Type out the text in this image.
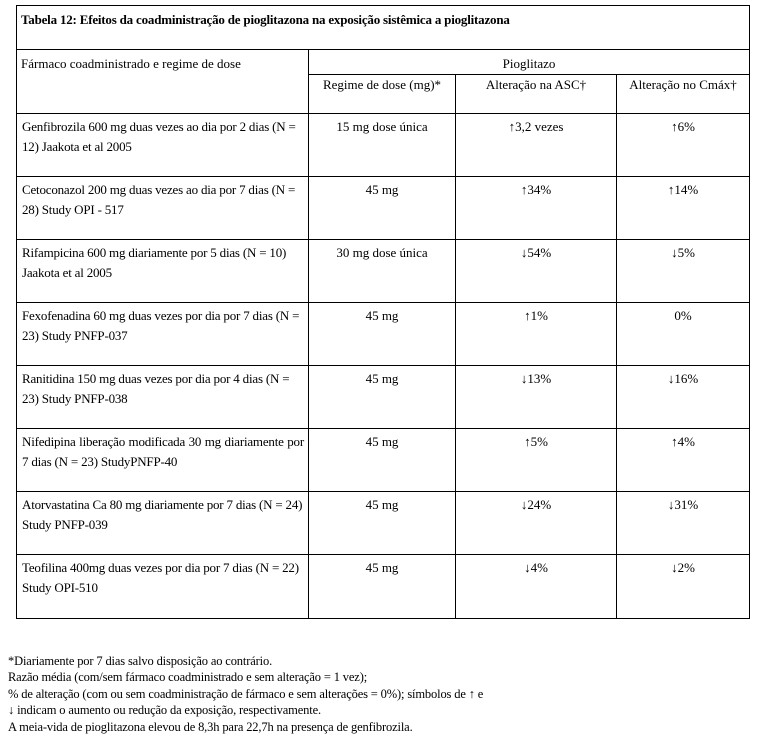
Tabela 12: Efeitos da coadministração de pioglitazona na exposição sistêmica a pioglitazona			
Fármaco coadministrado e regime de dose	Pioglitazo		
	Regime de dose (mg)*	Alteração na ASC†	Alteração no Cmáx†
Genfibrozila 600 mg duas vezes ao dia por 2 dias (N = 12) Jaakota et al 2005	15 mg dose única	↑3,2 vezes	↑6%
Cetoconazol 200 mg duas vezes ao dia por 7 dias (N = 28) Study OPI - 517	45 mg	↑34%	↑14%
Rifampicina 600 mg diariamente por 5 dias (N = 10) Jaakota et al 2005	30 mg dose única	↓54%	↓5%
Fexofenadina 60 mg duas vezes por dia por 7 dias (N = 23) Study PNFP-037	45 mg	↑1%	0%
Ranitidina 150 mg duas vezes por dia por 4 dias (N = 23) Study PNFP-038	45 mg	↓13%	↓16%
Nifedipina liberação modificada 30 mg diariamente por 7 dias (N = 23) StudyPNFP-40	45 mg	↑5%	↑4%
Atorvastatina Ca 80 mg diariamente por 7 dias (N = 24) Study PNFP-039	45 mg	↓24%	↓31%
Teofilina 400mg duas vezes por dia por 7 dias (N = 22) Study OPI-510	45 mg	↓4%	↓2%
*Diariamente por 7 dias salvo disposição ao contrário.
Razão média (com/sem fármaco coadministrado e sem alteração = 1 vez);
% de alteração (com ou sem coadministração de fármaco e sem alterações = 0%); símbolos de ↑ e
↓ indicam o aumento ou redução da exposição, respectivamente.
A meia-vida de pioglitazona elevou de 8,3h para 22,7h na presença de genfibrozila.
